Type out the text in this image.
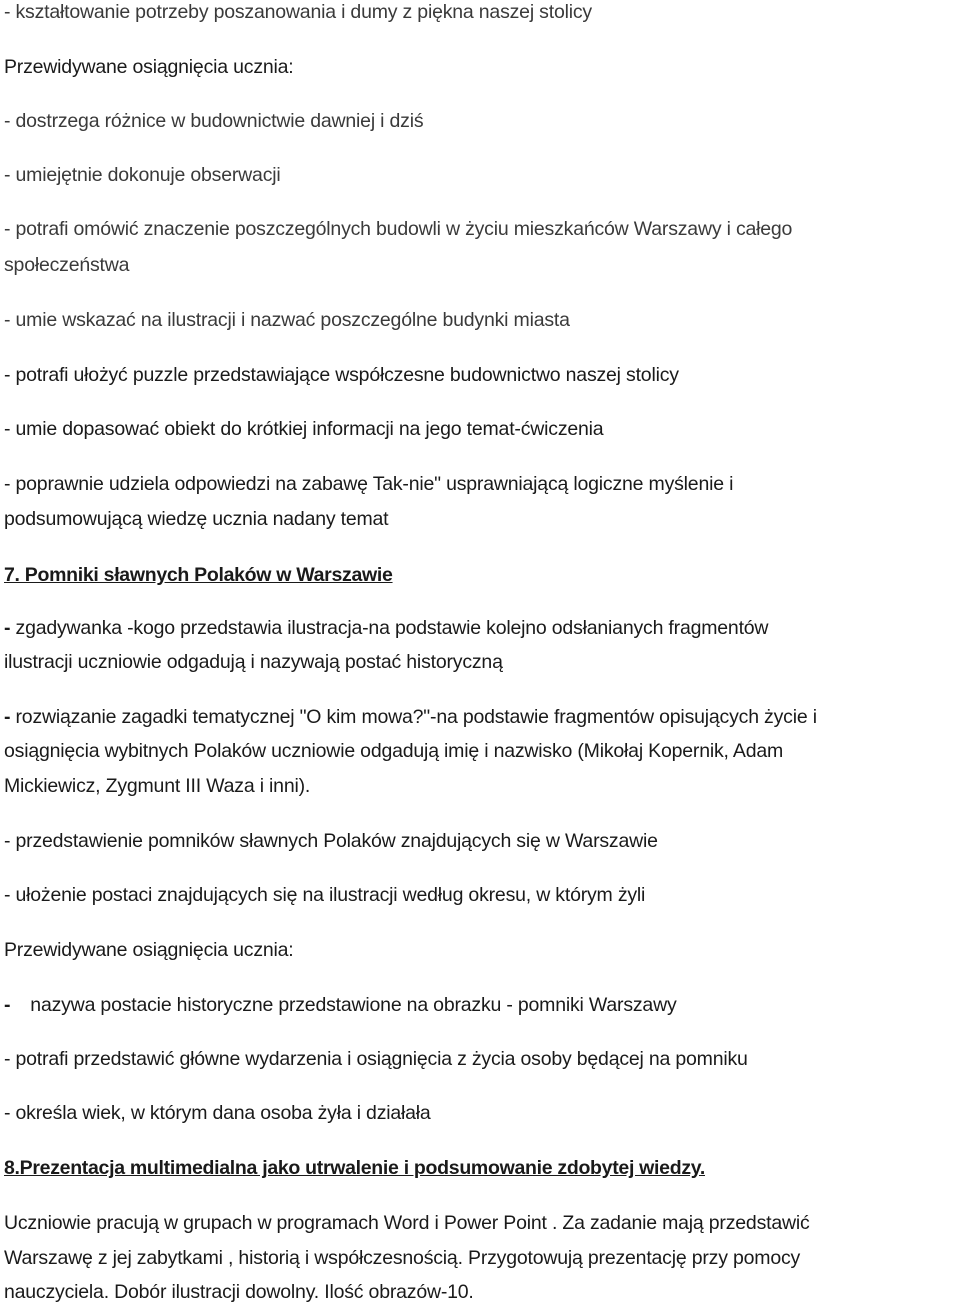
- kształtowanie potrzeby poszanowania i dumy z piękna naszej stolicy
Przewidywane osiągnięcia ucznia:
- dostrzega różnice w budownictwie dawniej i dziś
- umiejętnie dokonuje obserwacji
- potrafi omówić znaczenie poszczególnych budowli w życiu mieszkańców Warszawy i całego
społeczeństwa
- umie wskazać na ilustracji i nazwać poszczególne budynki miasta
- potrafi ułożyć puzzle przedstawiające współczesne budownictwo naszej stolicy
- umie dopasować obiekt do krótkiej informacji na jego temat-ćwiczenia
- poprawnie udziela odpowiedzi na zabawę Tak-nie" usprawniającą logiczne myślenie i
podsumowującą wiedzę ucznia nadany temat
7. Pomniki sławnych Polaków w Warszawie
- zgadywanka -kogo przedstawia ilustracja-na podstawie kolejno odsłanianych fragmentów
ilustracji uczniowie odgadują i nazywają postać historyczną
- rozwiązanie zagadki tematycznej "O kim mowa?"-na podstawie fragmentów opisujących życie i
osiągnięcia wybitnych Polaków uczniowie odgadują imię i nazwisko (Mikołaj Kopernik, Adam
Mickiewicz, Zygmunt III Waza i inni).
- przedstawienie pomników sławnych Polaków znajdujących się w Warszawie
- ułożenie postaci znajdujących się na ilustracji według okresu, w którym żyli
Przewidywane osiągnięcia ucznia:
- nazywa postacie historyczne przedstawione na obrazku - pomniki Warszawy
- potrafi przedstawić główne wydarzenia i osiągnięcia z życia osoby będącej na pomniku
- określa wiek, w którym dana osoba żyła i działała
8.Prezentacja multimedialna jako utrwalenie i podsumowanie zdobytej wiedzy.
Uczniowie pracują w grupach w programach Word i Power Point . Za zadanie mają przedstawić
Warszawę z jej zabytkami , historią i współczesnością. Przygotowują prezentację przy pomocy
nauczyciela. Dobór ilustracji dowolny. Ilość obrazów-10.
